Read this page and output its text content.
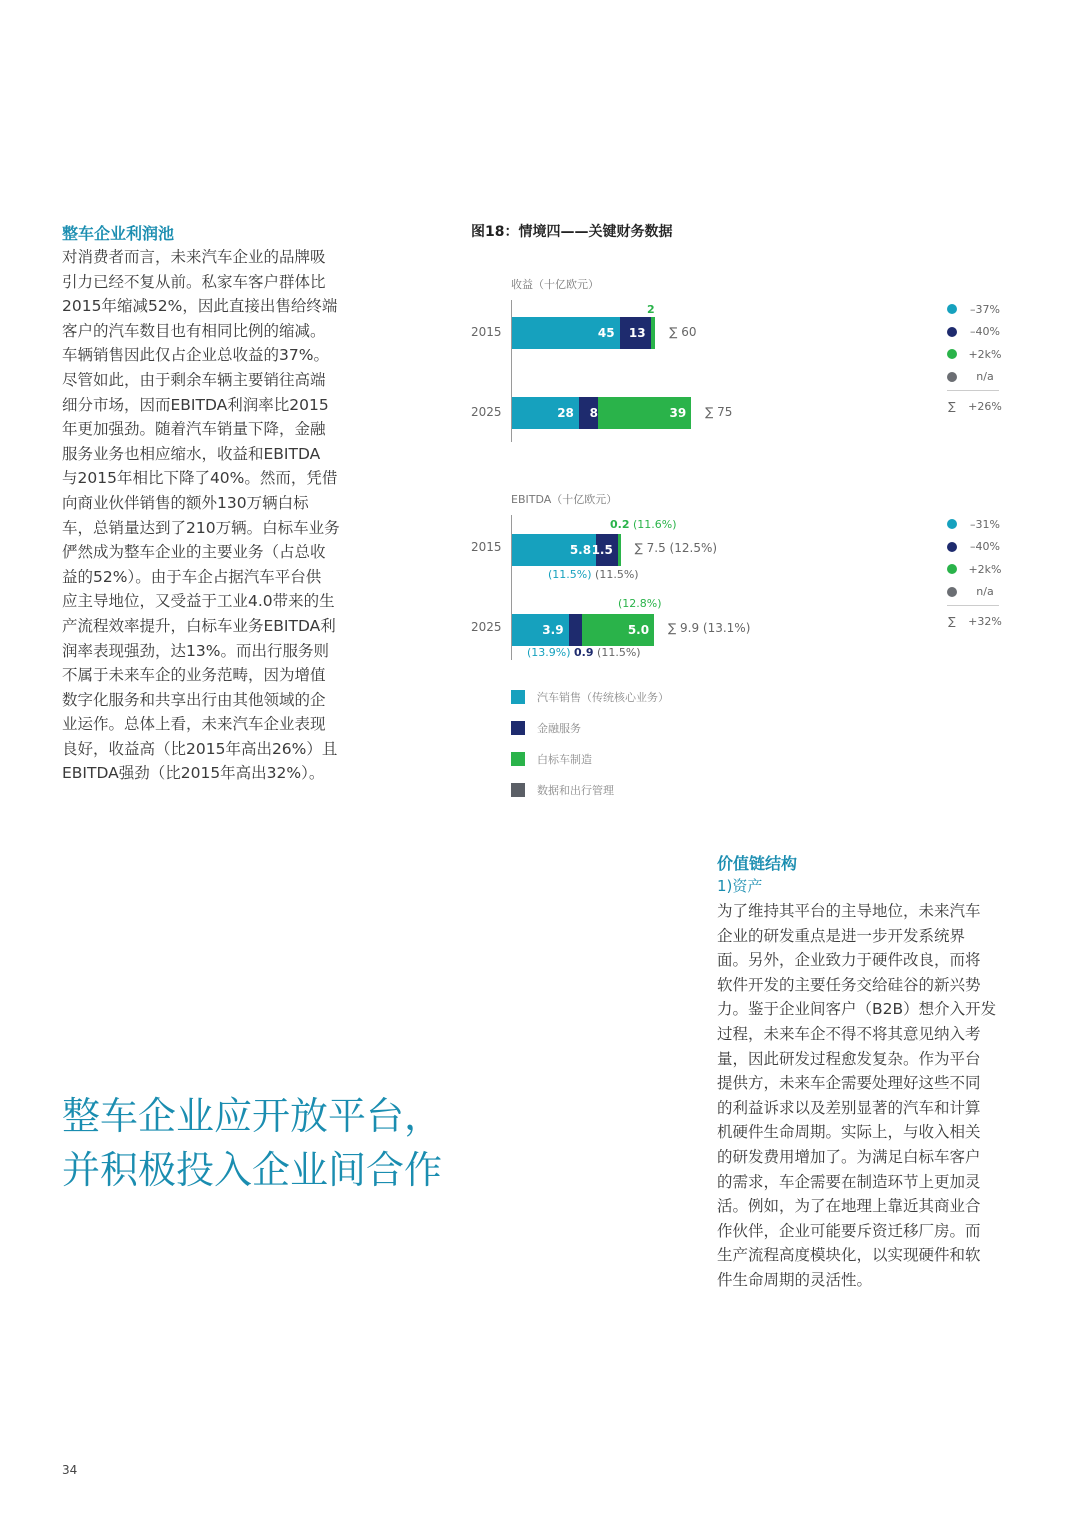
整车企业利润池
对消费者而言，未来汽车企业的品牌吸
引力已经不复从前。私家车客户群体比
2015年缩减52%，因此直接出售给终端
客户的汽车数目也有相同比例的缩减。
车辆销售因此仅占企业总收益的37%。
尽管如此，由于剩余车辆主要销往高端
细分市场，因而EBITDA利润率比2015
年更加强劲。随着汽车销量下降，金融
服务业务也相应缩水，收益和EBITDA
与2015年相比下降了40%。然而，凭借
向商业伙伴销售的额外130万辆白标
车，总销量达到了210万辆。白标车业务
俨然成为整车企业的主要业务（占总收
益的52%）。由于车企占据汽车平台供
应主导地位，又受益于工业4.0带来的生
产流程效率提升，白标车业务EBITDA利
润率表现强劲，达13%。而出行服务则
不属于未来车企的业务范畴，因为增值
数字化服务和共享出行由其他领域的企
业运作。总体上看，未来汽车企业表现
良好，收益高（比2015年高出26%）且
EBITDA强劲（比2015年高出32%）。
图18：情境四——关键财务数据
收益（十亿欧元）
2015
2
45 13 ∑ 60
2025	28 8	39 ∑ 75
–37%
–40%
+2k%
n/a
∑ +26%
EBITDA（十亿欧元）
0.2 (11.6%)
2015	5.8 1.5 ∑ 7.5 (12.5%)
(11.5%) (11.5%)
(12.8%)
2025	3.9	5.0 ∑ 9.9 (13.1%)
(13.9%) 0.9 (11.5%)
–31%
–40%
+2k%
n/a
∑ +32%
汽车销售（传统核心业务）
金融服务
白标车制造
数据和出行管理
价值链结构
1)资产
为了维持其平台的主导地位，未来汽车
企业的研发重点是进一步开发系统界
面。另外，企业致力于硬件改良，而将
软件开发的主要任务交给硅谷的新兴势
力。鉴于企业间客户（B2B）想介入开发
过程，未来车企不得不将其意见纳入考
量，因此研发过程愈发复杂。作为平台
提供方，未来车企需要处理好这些不同
的利益诉求以及差别显著的汽车和计算
机硬件生命周期。实际上，与收入相关
的研发费用增加了。为满足白标车客户
的需求，车企需要在制造环节上更加灵
活。例如，为了在地理上靠近其商业合
作伙伴，企业可能要斥资迁移厂房。而
生产流程高度模块化，以实现硬件和软
件生命周期的灵活性。
整车企业应开放平台，
并积极投入企业间合作
34
